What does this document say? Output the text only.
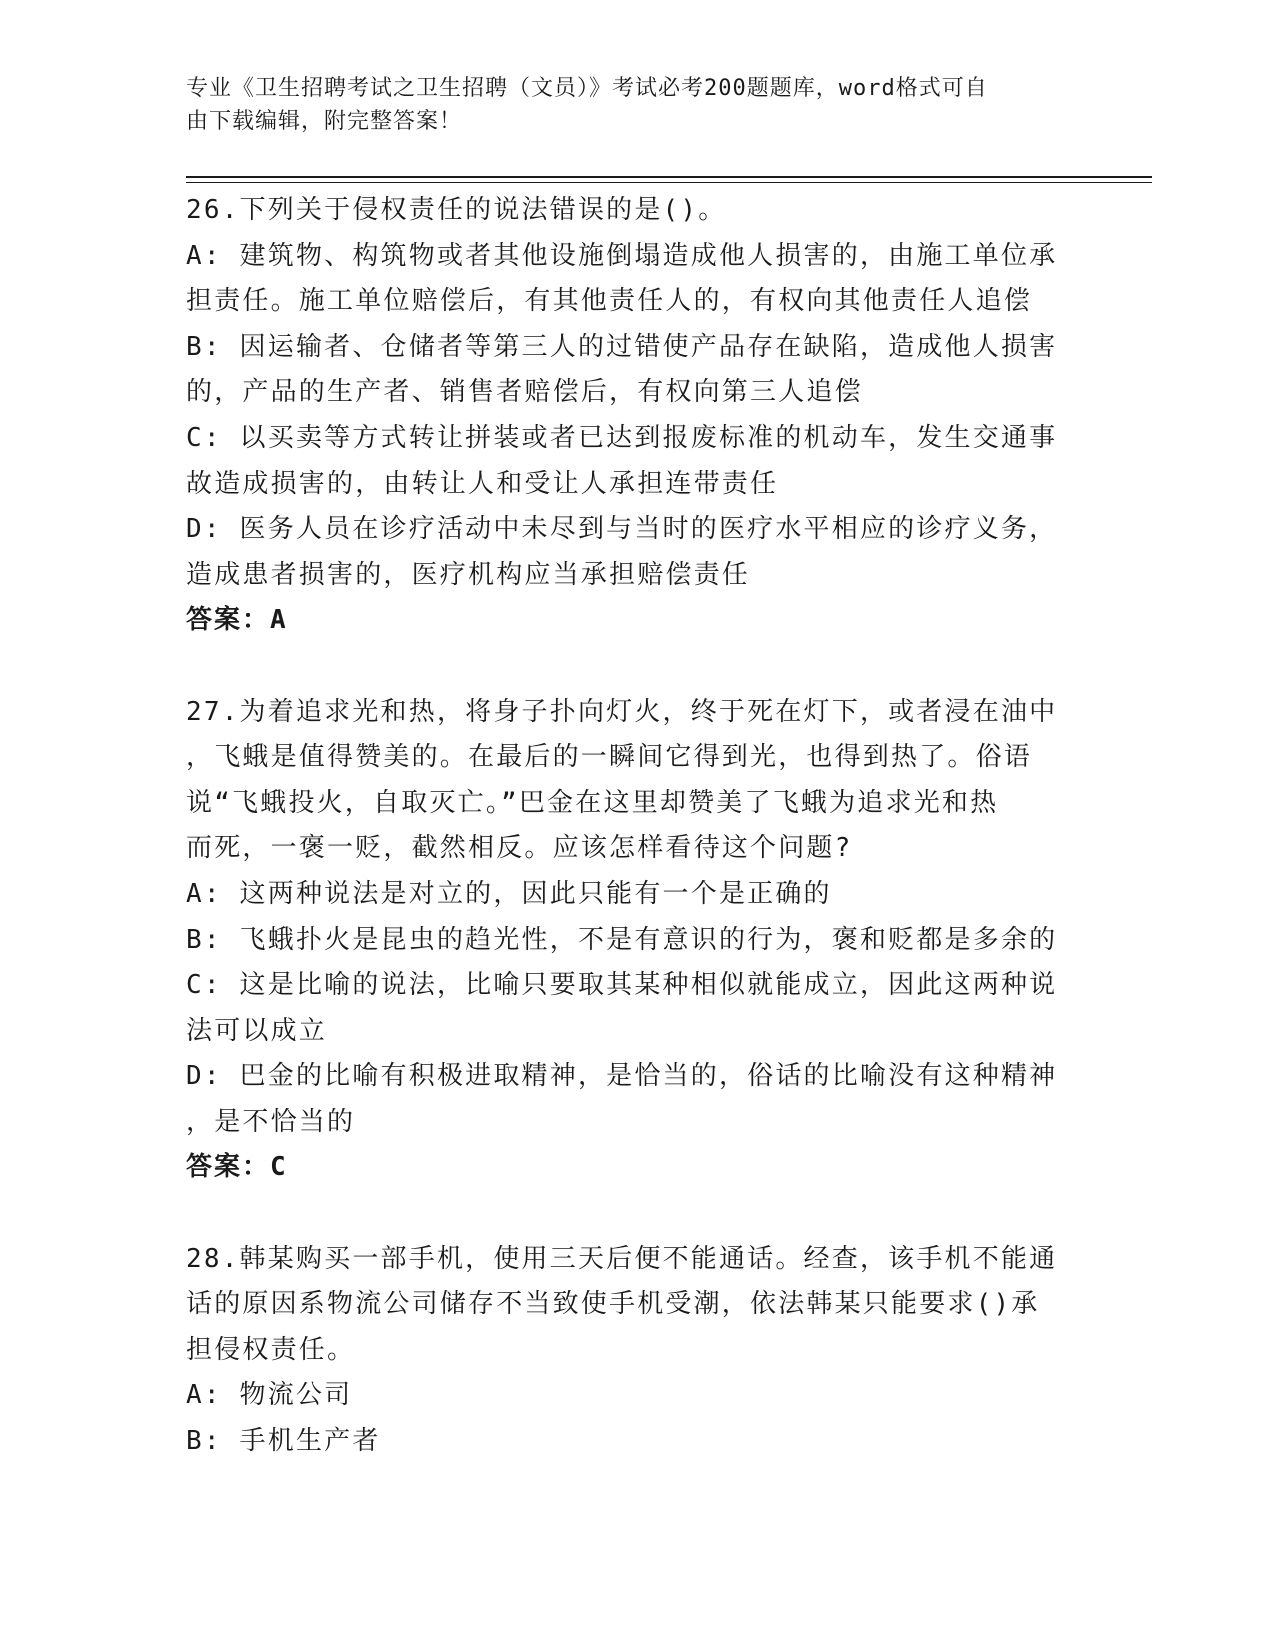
专业《卫生招聘考试之卫生招聘（文员）》考试必考200题题库，word格式可自
由下载编辑，附完整答案！
26.下列关于侵权责任的说法错误的是()。
A: 建筑物、构筑物或者其他设施倒塌造成他人损害的，由施工单位承
担责任。施工单位赔偿后，有其他责任人的，有权向其他责任人追偿
B: 因运输者、仓储者等第三人的过错使产品存在缺陷，造成他人损害
的，产品的生产者、销售者赔偿后，有权向第三人追偿
C: 以买卖等方式转让拼装或者已达到报废标准的机动车，发生交通事
故造成损害的，由转让人和受让人承担连带责任
D: 医务人员在诊疗活动中未尽到与当时的医疗水平相应的诊疗义务，
造成患者损害的，医疗机构应当承担赔偿责任
答案：A
27.为着追求光和热，将身子扑向灯火，终于死在灯下，或者浸在油中
，飞蛾是值得赞美的。在最后的一瞬间它得到光，也得到热了。俗语
说“飞蛾投火，自取灭亡。”巴金在这里却赞美了飞蛾为追求光和热
而死，一褒一贬，截然相反。应该怎样看待这个问题?
A: 这两种说法是对立的，因此只能有一个是正确的
B: 飞蛾扑火是昆虫的趋光性，不是有意识的行为，褒和贬都是多余的
C: 这是比喻的说法，比喻只要取其某种相似就能成立，因此这两种说
法可以成立
D: 巴金的比喻有积极进取精神，是恰当的，俗话的比喻没有这种精神
，是不恰当的
答案：C
28.韩某购买一部手机，使用三天后便不能通话。经查，该手机不能通
话的原因系物流公司储存不当致使手机受潮，依法韩某只能要求()承
担侵权责任。
A: 物流公司
B: 手机生产者
